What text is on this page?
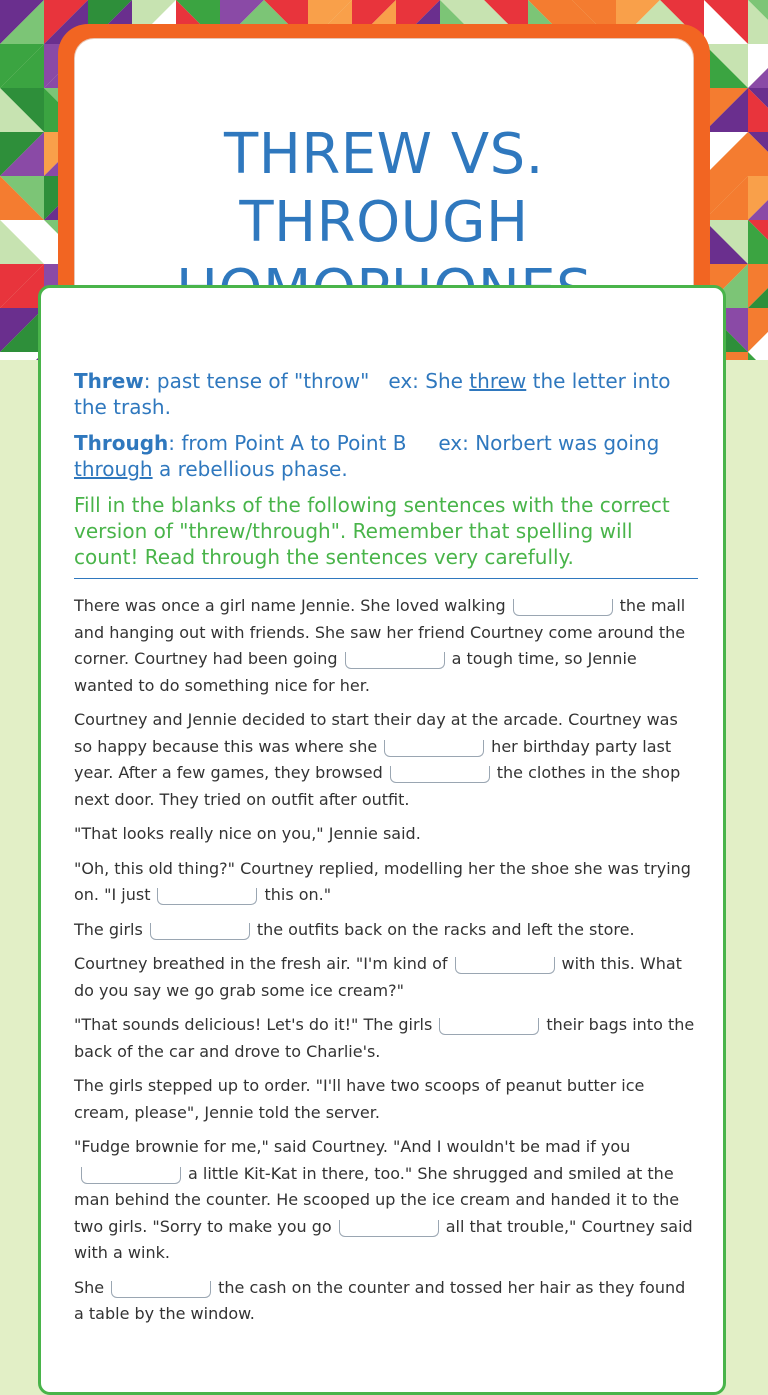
THREW VS. THROUGH

Threw: past tense of "throw" ex: She threw the letter into the trash.

Through: from Point A to Point B ex: Norbert was going through a rebellious phase.

Fill in the blanks of the following sentences with the correct version of "threw/through". Remember that spelling will count! Read through the sentences very carefully.

There was once a girl name Jennie. She loved walking	the mall and hanging out with friends. She saw her friend Courtney come around the corner. Courtney had been going	a tough time, so Jennie wanted to do something nice for her.

Courtney and Jennie decided to start their day at the arcade. Courtney was so happy because this was where she	her birthday party last year. After a few games, they browsed	the clothes in the shop next door. They tried on outfit after outfit.

"That looks really nice on you," Jennie said.

"Oh, this old thing?" Courtney replied, modelling her the shoe she was trying on. "I just	this on."

The girls	the outfits back on the racks and left the store.

Courtney breathed in the fresh air. "I'm kind of	with this. What do you say we go grab some ice cream?"

"That sounds delicious! Let's do it!" The girls	their bags into the back of the car and drove to Charlie's.

The girls stepped up to order. "I'll have two scoops of peanut butter ice cream, please", Jennie told the server.

"Fudge brownie for me," said Courtney. "And I wouldn't be mad if youa little Kit-Kat in there, too." She shrugged and smiled at the man behind the counter. He scooped up the ice cream and handed it to the two girls. "Sorry to make you go	all that trouble," Courtney said with a wink.

She	the cash on the counter and tossed her hair as they found a table by the window.
